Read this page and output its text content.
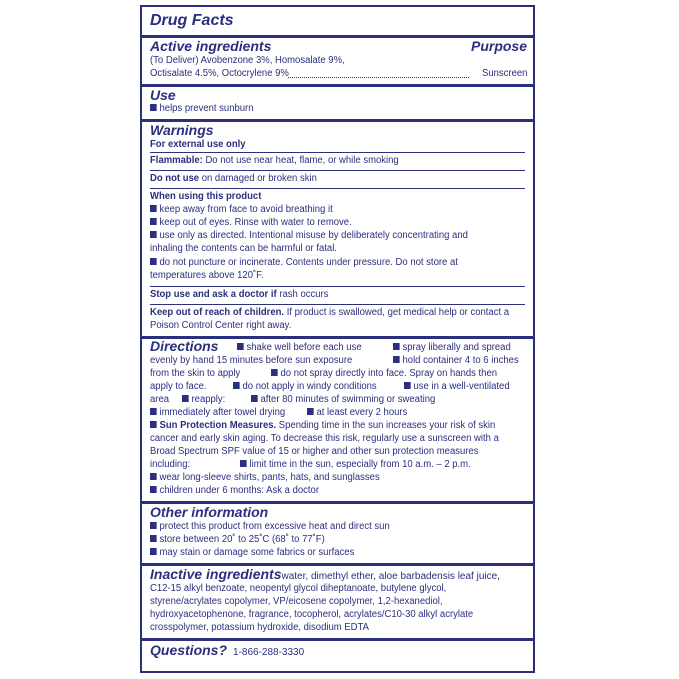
Drug Facts
Active ingredients	Purpose
(To Deliver) Avobenzone 3%, Homosalate 9%,
Octisalate 4.5%, Octocrylene 9%	Sunscreen
Use
helps prevent sunburn
Warnings
For external use only
Flammable: Do not use near heat, flame, or while smoking
Do not use on damaged or broken skin
When using this product
keep away from face to avoid breathing it
keep out of eyes. Rinse with water to remove.
use only as directed. Intentional misuse by deliberately concentrating and
inhaling the contents can be harmful or fatal.
do not puncture or incinerate. Contents under pressure. Do not store at
temperatures above 120˚F.
Stop use and ask a doctor if rash occurs
Keep out of reach of children. If product is swallowed, get medical help or contact a
Poison Control Center right away.
Directions	shake well before each use	spray liberally and spread
evenly by hand 15 minutes before sun exposure	hold container 4 to 6 inches
from the skin to apply	do not spray directly into face. Spray on hands then
apply to face.	do not apply in windy conditions	use in a well-ventilated
area	reapply:	after 80 minutes of swimming or sweating
immediately after towel drying	at least every 2 hours
Sun Protection Measures. Spending time in the sun increases your risk of skin
cancer and early skin aging. To decrease this risk, regularly use a sunscreen with a
Broad Spectrum SPF value of 15 or higher and other sun protection measures
including:	limit time in the sun, especially from 10 a.m. – 2 p.m.
wear long-sleeve shirts, pants, hats, and sunglasses
children under 6 months: Ask a doctor
Other information
protect this product from excessive heat and direct sun
store between 20˚ to 25˚C (68˚ to 77˚F)
may stain or damage some fabrics or surfaces
Inactive ingredientswater, dimethyl ether, aloe barbadensis leaf juice,
C12-15 alkyl benzoate, neopentyl glycol diheptanoate, butylene glycol,
styrene/acrylates copolymer, VP/eicosene copolymer, 1,2-hexanediol,
hydroxyacetophenone, fragrance, tocopherol, acrylates/C10-30 alkyl acrylate
crosspolymer, potassium hydroxide, disodium EDTA
Questions? 1-866-288-3330
